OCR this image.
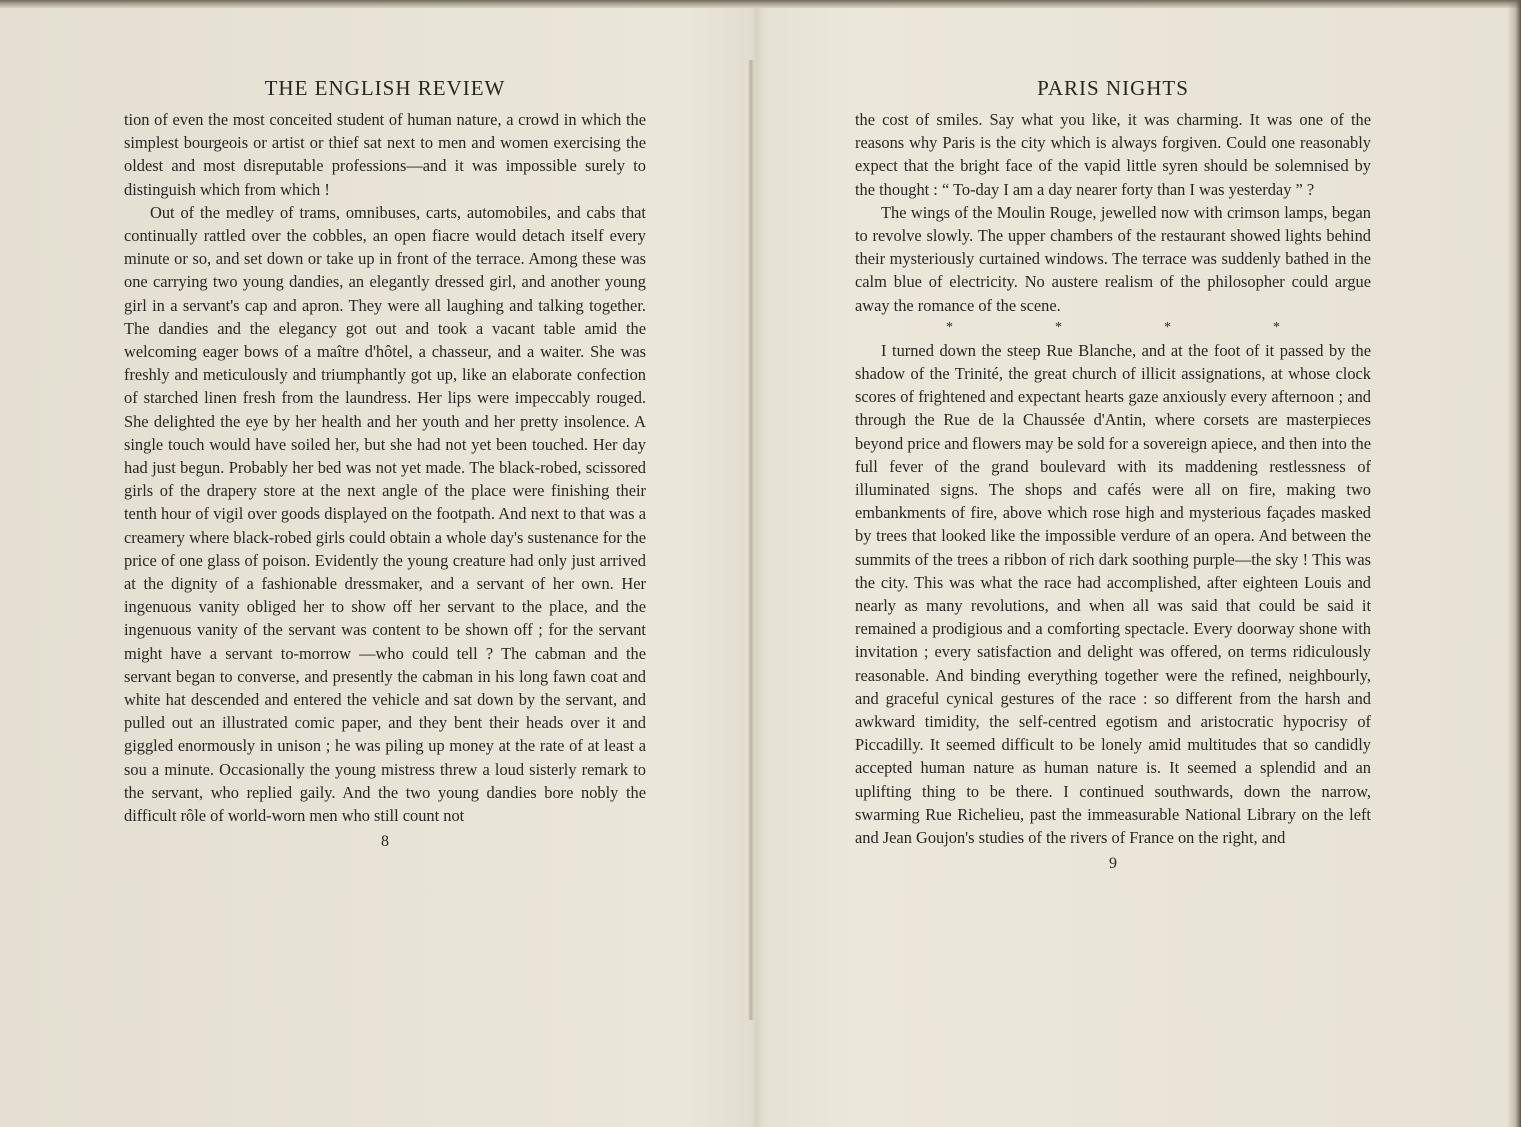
THE ENGLISH REVIEW

tion of even the most conceited student of human nature, a crowd in which the simplest bourgeois or artist or thief sat next to men and women exercising the oldest and most disreputable professions—and it was impossible surely to distinguish which from which !

Out of the medley of trams, omnibuses, carts, automobiles, and cabs that continually rattled over the cobbles, an open fiacre would detach itself every minute or so, and set down or take up in front of the terrace. Among these was one carrying two young dandies, an elegantly dressed girl, and another young girl in a servant's cap and apron. They were all laughing and talking together. The dandies and the elegancy got out and took a vacant table amid the welcoming eager bows of a maître d'hôtel, a chasseur, and a waiter. She was freshly and meticulously and triumphantly got up, like an elaborate confection of starched linen fresh from the laundress. Her lips were impeccably rouged. She delighted the eye by her health and her youth and her pretty insolence. A single touch would have soiled her, but she had not yet been touched. Her day had just begun. Probably her bed was not yet made. The black-robed, scissored girls of the drapery store at the next angle of the place were finishing their tenth hour of vigil over goods displayed on the footpath. And next to that was a creamery where black-robed girls could obtain a whole day's sustenance for the price of one glass of poison. Evidently the young creature had only just arrived at the dignity of a fashionable dressmaker, and a servant of her own. Her ingenuous vanity obliged her to show off her servant to the place, and the ingenuous vanity of the servant was content to be shown off ; for the servant might have a servant to-morrow —who could tell ? The cabman and the servant began to converse, and presently the cabman in his long fawn coat and white hat descended and entered the vehicle and sat down by the servant, and pulled out an illustrated comic paper, and they bent their heads over it and giggled enormously in unison ; he was piling up money at the rate of at least a sou a minute. Occasionally the young mistress threw a loud sisterly remark to the servant, who replied gaily. And the two young dandies bore nobly the difficult rôle of world-worn men who still count not

8
PARIS NIGHTS

the cost of smiles. Say what you like, it was charming. It was one of the reasons why Paris is the city which is always forgiven. Could one reasonably expect that the bright face of the vapid little syren should be solemnised by the thought : “ To-day I am a day nearer forty than I was yesterday ” ?

The wings of the Moulin Rouge, jewelled now with crimson lamps, began to revolve slowly. The upper chambers of the restaurant showed lights behind their mysteriously curtained windows. The terrace was suddenly bathed in the calm blue of electricity. No austere realism of the philosopher could argue away the romance of the scene.

*	*	*	*

I turned down the steep Rue Blanche, and at the foot of it passed by the shadow of the Trinité, the great church of illicit assignations, at whose clock scores of frightened and expectant hearts gaze anxiously every afternoon ; and through the Rue de la Chaussée d'Antin, where corsets are masterpieces beyond price and flowers may be sold for a sovereign apiece, and then into the full fever of the grand boulevard with its maddening restlessness of illuminated signs. The shops and cafés were all on fire, making two embankments of fire, above which rose high and mysterious façades masked by trees that looked like the impossible verdure of an opera. And between the summits of the trees a ribbon of rich dark soothing purple—the sky ! This was the city. This was what the race had accomplished, after eighteen Louis and nearly as many revolutions, and when all was said that could be said it remained a prodigious and a comforting spectacle. Every doorway shone with invitation ; every satisfaction and delight was offered, on terms ridiculously reasonable. And binding everything together were the refined, neighbourly, and graceful cynical gestures of the race : so different from the harsh and awkward timidity, the self-centred egotism and aristocratic hypocrisy of Piccadilly. It seemed difficult to be lonely amid multitudes that so candidly accepted human nature as human nature is. It seemed a splendid and an uplifting thing to be there. I continued southwards, down the narrow, swarming Rue Richelieu, past the immeasurable National Library on the left and Jean Goujon's studies of the rivers of France on the right, and

9
